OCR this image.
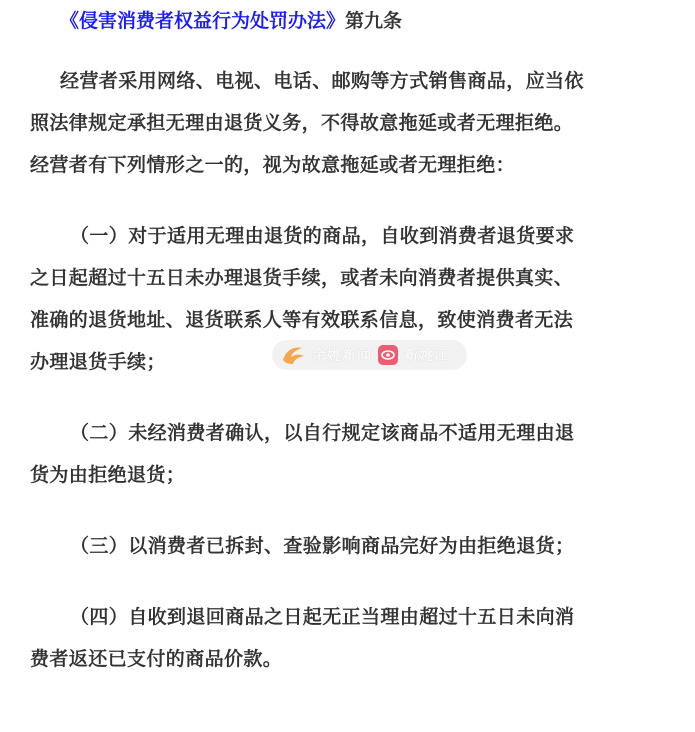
《侵害消费者权益行为处罚办法》第九条

经营者采用网络、电视、电话、邮购等方式销售商品，应当依照法律规定承担无理由退货义务，不得故意拖延或者无理拒绝。经营者有下列情形之一的，视为故意拖延或者无理拒绝：

（一）对于适用无理由退货的商品，自收到消费者退货要求之日起超过十五日未办理退货手续，或者未向消费者提供真实、准确的退货地址、退货联系人等有效联系信息，致使消费者无法办理退货手续；

（二）未经消费者确认，以自行规定该商品不适用无理由退货为由拒绝退货；

（三）以消费者已拆封、查验影响商品完好为由拒绝退货；

（四）自收到退回商品之日起无正当理由超过十五日未向消费者返还已支付的商品价款。

余姚新闻 新姚江
